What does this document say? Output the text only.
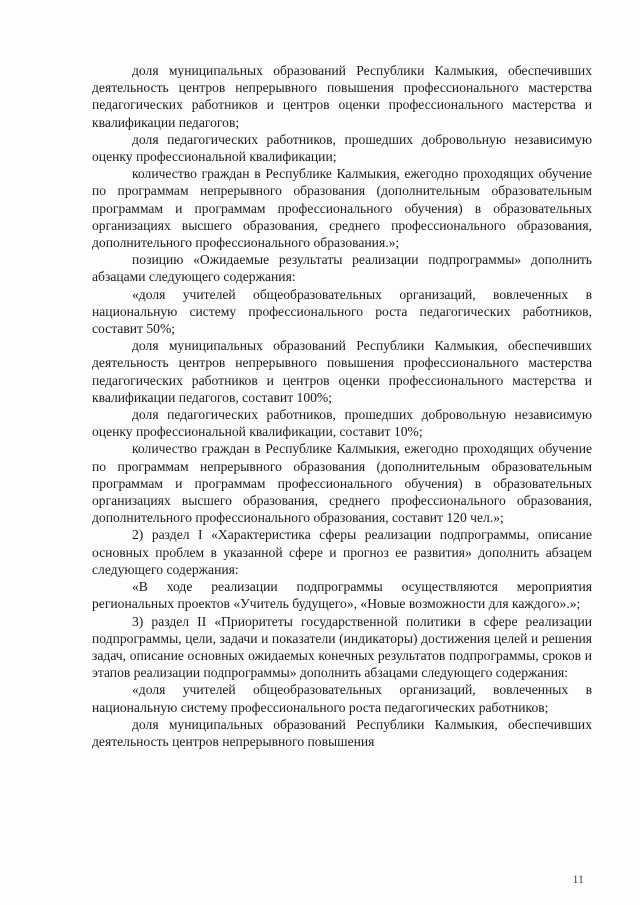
доля муниципальных образований Республики Калмыкия, обеспечивших деятельность центров непрерывного повышения профессионального мастерства педагогических работников и центров оценки профессионального мастерства и квалификации педагогов;

доля педагогических работников, прошедших добровольную независимую оценку профессиональной квалификации;

количество граждан в Республике Калмыкия, ежегодно проходящих обучение по программам непрерывного образования (дополнительным образовательным программам и программам профессионального обучения) в образовательных организациях высшего образования, среднего профессионального образования, дополнительного профессионального образования.»;

позицию «Ожидаемые результаты реализации подпрограммы» дополнить абзацами следующего содержания:

«доля учителей общеобразовательных организаций, вовлеченных в национальную систему профессионального роста педагогических работников, составит 50%;

доля муниципальных образований Республики Калмыкия, обеспечивших деятельность центров непрерывного повышения профессионального мастерства педагогических работников и центров оценки профессионального мастерства и квалификации педагогов, составит 100%;

доля педагогических работников, прошедших добровольную независимую оценку профессиональной квалификации, составит 10%;

количество граждан в Республике Калмыкия, ежегодно проходящих обучение по программам непрерывного образования (дополнительным образовательным программам и программам профессионального обучения) в образовательных организациях высшего образования, среднего профессионального образования, дополнительного профессионального образования, составит 120 чел.»;

2) раздел I «Характеристика сферы реализации подпрограммы, описание основных проблем в указанной сфере и прогноз ее развития» дополнить абзацем следующего содержания:

«В ходе реализации подпрограммы осуществляются мероприятия региональных проектов «Учитель будущего», «Новые возможности для каждого».»;

3) раздел II «Приоритеты государственной политики в сфере реализации подпрограммы, цели, задачи и показатели (индикаторы) достижения целей и решения задач, описание основных ожидаемых конечных результатов подпрограммы, сроков и этапов реализации подпрограммы» дополнить абзацами следующего содержания:

«доля учителей общеобразовательных организаций, вовлеченных в национальную систему профессионального роста педагогических работников;

доля муниципальных образований Республики Калмыкия, обеспечивших деятельность центров непрерывного повышения

11
